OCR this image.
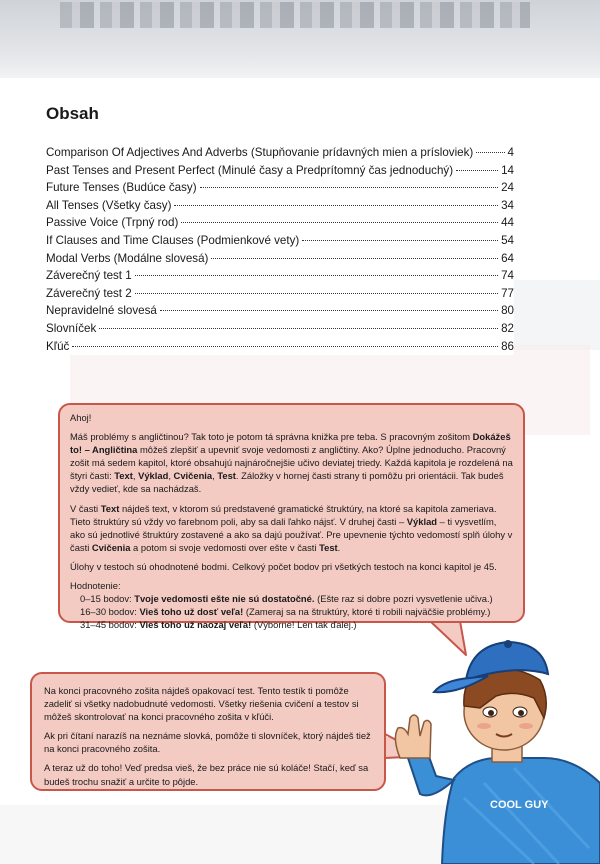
Obsah
Comparison Of Adjectives And Adverbs (Stupňovanie prídavných mien a prísloviek)	4
Past Tenses and Present Perfect (Minulé časy a Predprítomný čas jednoduchý)	14
Future Tenses (Budúce časy)	24
All Tenses (Všetky časy)	34
Passive Voice (Trpný rod)	44
If Clauses and Time Clauses (Podmienkové vety)	54
Modal Verbs (Modálne slovesá)	64
Záverečný test 1	74
Záverečný test 2	77
Nepravidelné slovesá	80
Slovníček	82
Kľúč	86

Ahoj!

Máš problémy s angličtinou? Tak toto je potom tá správna knižka pre teba. S pracovným zošitom Dokážeš to! – Angličtina môžeš zlepšiť a upevniť svoje vedomosti z angličtiny. Ako? Úplne jednoducho. Pracovný zošit má sedem kapitol, ktoré obsahujú najnáročnejšie učivo deviatej triedy. Každá kapitola je rozdelená na štyri časti: Text, Výklad, Cvičenia, Test. Záložky v hornej časti strany ti pomôžu pri orientácii. Tak budeš vždy vedieť, kde sa nachádzaš.

V časti Text nájdeš text, v ktorom sú predstavené gramatické štruktúry, na ktoré sa kapitola zameriava. Tieto štruktúry sú vždy vo farebnom poli, aby sa dali ľahko nájsť. V druhej časti – Výklad – ti vysvetlím, ako sú jednotlivé štruktúry zostavené a ako sa dajú používať. Pre upevnenie týchto vedomostí splň úlohy v časti Cvičenia a potom si svoje vedomosti over ešte v časti Test.

Úlohy v testoch sú ohodnotené bodmi. Celkový počet bodov pri všetkých testoch na konci kapitol je 45.

Hodnotenie:
0–15 bodov: Tvoje vedomosti ešte nie sú dostatočné. (Ešte raz si dobre pozri vysvetlenie učiva.)
16–30 bodov: Vieš toho už dosť veľa! (Zameraj sa na štruktúry, ktoré ti robili najväčšie problémy.)
31–45 bodov: Vieš toho už naozaj veľa! (Výborne! Len tak ďalej.)

Na konci pracovného zošita nájdeš opakovací test. Tento testík ti pomôže zadeliť si všetky nadobudnuté vedomosti. Všetky riešenia cvičení a testov si môžeš skontrolovať na konci pracovného zošita v kľúči.

Ak pri čítaní narazíš na neznáme slovká, pomôže ti slovníček, ktorý nájdeš tiež na konci pracovného zošita.

A teraz už do toho! Veď predsa vieš, že bez práce nie sú koláče! Stačí, keď sa budeš trochu snažiť a určite to pôjde.

COOL GUY
